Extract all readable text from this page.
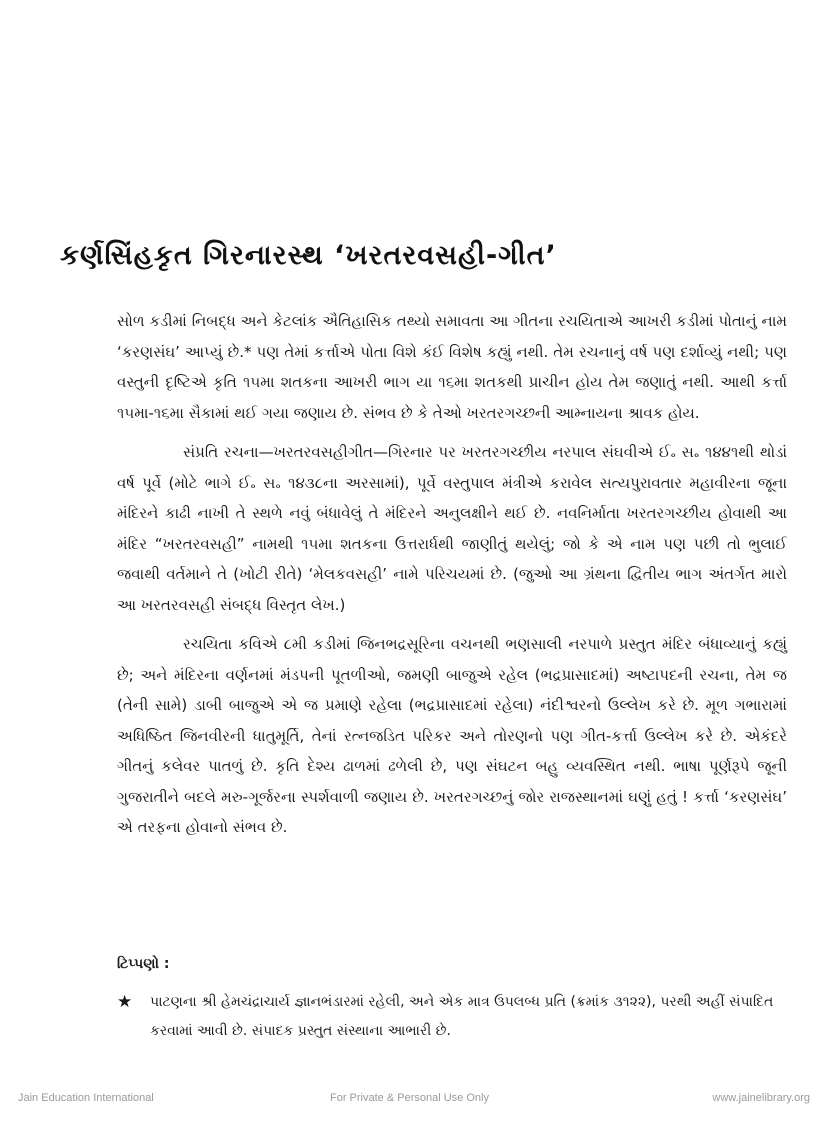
કર્ણસિંહકૃત ગિરનારસ્થ ‘ખરતરવસહી-ગીત’

સોળ કડીમાં નિબદ્ધ અને કેટલાંક ઐતિહાસિક તથ્યો સમાવતા આ ગીતના રચયિતાએ આખરી કડીમાં પોતાનું નામ ‘કરણસંઘ’ આપ્યું છે.* પણ તેમાં કર્ત્તાએ પોતા વિશે કંઈ વિશેષ કહ્યું નથી. તેમ રચનાનું વર્ષ પણ દર્શાવ્યું નથી; પણ વસ્તુની દૃષ્ટિએ કૃતિ ૧૫મા શતકના આખરી ભાગ યા ૧૬મા શતકથી પ્રાચીન હોય તેમ જણાતું નથી. આથી કર્ત્તા ૧૫મા-૧૬મા સૈકામાં થઈ ગયા જણાય છે. સંભવ છે કે તેઓ ખરતરગચ્છની આમ્નાયના શ્રાવક હોય.

સંપ્રતિ રચના—ખરતરવસહીગીત—ગિરનાર પર ખરતરગચ્છીય નરપાલ સંઘવીએ ઈ૰ સ૰ ૧૪૪૧થી થોડાં વર્ષ પૂર્વે (મોટે ભાગે ઈ૰ સ૰ ૧૪૩૮ના અરસામાં), પૂર્વે વસ્તુપાલ મંત્રીએ કરાવેલ સત્યપુરાવતાર મહાવીરના જૂના મંદિરને કાઢી નાખી તે સ્થળે નવું બંધાવેલું તે મંદિરને અનુલક્ષીને થઈ છે. નવનિર્માતા ખરતરગચ્છીય હોવાથી આ મંદિર “ખરતરવસહી” નામથી ૧૫મા શતકના ઉત્તરાર્ધથી જાણીતું થયેલું; જો કે એ નામ પણ પછી તો ભુલાઈ જવાથી વર્તમાને તે (ખોટી રીતે) ‘મેલકવસહી’ નામે પરિચયમાં છે. (જુઓ આ ગ્રંથના દ્વિતીય ભાગ અંતર્ગત મારો આ ખરતરવસહી સંબદ્ધ વિસ્તૃત લેખ.)

રચયિતા કવિએ ૮મી કડીમાં જિનભદ્રસૂરિના વચનથી ભણસાલી નરપાળે પ્રસ્તુત મંદિર બંધાવ્યાનું કહ્યું છે; અને મંદિરના વર્ણનમાં મંડપની પૂતળીઓ, જમણી બાજુએ રહેલ (ભદ્રપ્રાસાદમાં) અષ્ટાપદની રચના, તેમ જ (તેની સામે) ડાબી બાજુએ એ જ પ્રમાણે રહેલા (ભદ્રપ્રાસાદમાં રહેલા) નંદીશ્વરનો ઉલ્લેખ કરે છે. મૂળ ગભારામાં અધિષ્ઠિત જિનવીરની ધાતુમૂર્તિ, તેનાં રત્નજડિત પરિકર અને તોરણનો પણ ગીત-કર્ત્તા ઉલ્લેખ કરે છે. એકંદરે ગીતનું કલેવર પાતળું છે. કૃતિ દેશ્ય ઢાળમાં ઢળેલી છે, પણ સંઘટન બહુ વ્યવસ્થિત નથી. ભાષા પૂર્ણરૂપે જૂની ગુજરાતીને બદલે મરુ-ગૂર્જરના સ્પર્શવાળી જણાય છે. ખરતરગચ્છનું જોર રાજસ્થાનમાં ઘણું હતું ! કર્ત્તા ‘કરણસંઘ’ એ તરફના હોવાનો સંભવ છે.

ટિપ્પણો :
★ પાટણના શ્રી હેમચંદ્રાચાર્ય જ્ઞાનભંડારમાં રહેલી, અને એક માત્ર ઉપલબ્ધ પ્રતિ (ક્રમાંક ૩૧૨૨), પરથી અહીં સંપાદિત કરવામાં આવી છે. સંપાદક પ્રસ્તુત સંસ્થાના આભારી છે.
Jain Education International	For Private & Personal Use Only	www.jainelibrary.org
